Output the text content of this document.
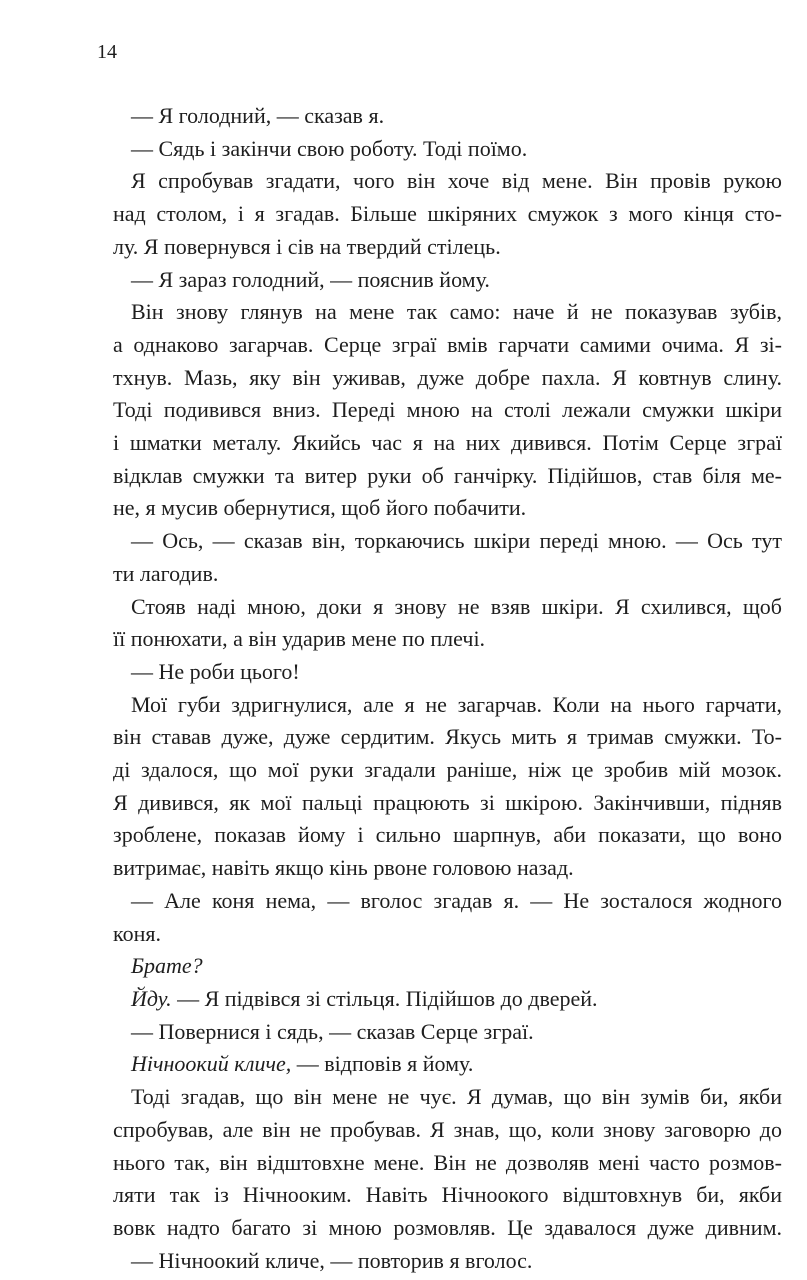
14
— Я голодний, — сказав я.
— Сядь і закінчи свою роботу. Тоді поїмо.
Я спробував згадати, чого він хоче від мене. Він провів рукою
над столом, і я згадав. Більше шкіряних смужок з мого кінця сто-
лу. Я повернувся і сів на твердий стілець.
— Я зараз голодний, — пояснив йому.
Він знову глянув на мене так само: наче й не показував зубів,
а однаково загарчав. Серце зграї вмів гарчати самими очима. Я зі-
тхнув. Мазь, яку він уживав, дуже добре пахла. Я ковтнув слину.
Тоді подивився вниз. Переді мною на столі лежали смужки шкіри
і шматки металу. Якийсь час я на них дивився. Потім Серце зграї
відклав смужки та витер руки об ганчірку. Підійшов, став біля ме-
не, я мусив обернутися, щоб його побачити.
— Ось, — сказав він, торкаючись шкіри переді мною. — Ось тут
ти лагодив.
Стояв наді мною, доки я знову не взяв шкіри. Я схилився, щоб
її понюхати, а він ударив мене по плечі.
— Не роби цього!
Мої губи здригнулися, але я не загарчав. Коли на нього гарчати,
він ставав дуже, дуже сердитим. Якусь мить я тримав смужки. То-
ді здалося, що мої руки згадали раніше, ніж це зробив мій мозок.
Я дивився, як мої пальці працюють зі шкірою. Закінчивши, підняв
зроблене, показав йому і сильно шарпнув, аби показати, що воно
витримає, навіть якщо кінь рвоне головою назад.
— Але коня нема, — вголос згадав я. — Не зосталося жодного
коня.
Брате?
Йду. — Я підвівся зі стільця. Підійшов до дверей.
— Повернися і сядь, — сказав Серце зграї.
Нічноокий кличе, — відповів я йому.
Тоді згадав, що він мене не чує. Я думав, що він зумів би, якби
спробував, але він не пробував. Я знав, що, коли знову заговорю до
нього так, він відштовхне мене. Він не дозволяв мені часто розмов-
ляти так із Нічнооким. Навіть Нічноокого відштовхнув би, якби
вовк надто багато зі мною розмовляв. Це здавалося дуже дивним.
— Нічноокий кличе, — повторив я вголос.
